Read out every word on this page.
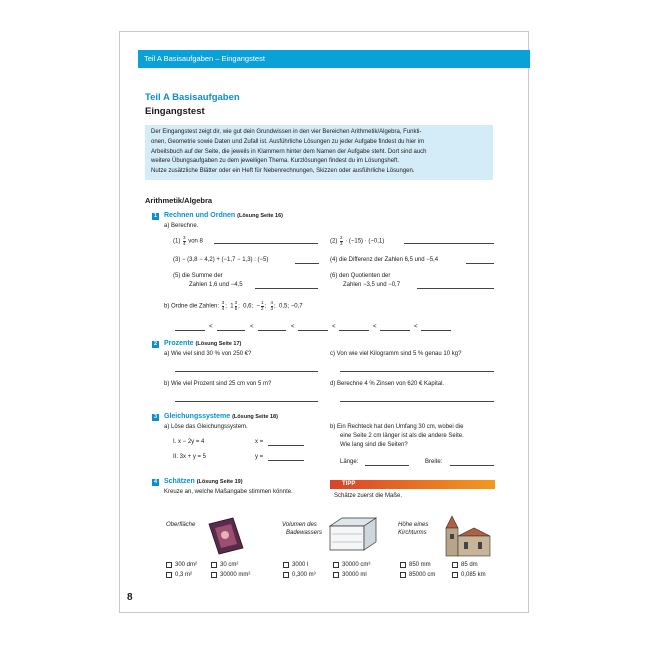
Teil A Basisaufgaben – Eingangstest
Teil A Basisaufgaben
Eingangstest
Der Eingangstest zeigt dir, wie gut dein Grundwissen in den vier Bereichen Arithmetik/Algebra, Funkti-
onen, Geometrie sowie Daten und Zufall ist. Ausführliche Lösungen zu jeder Aufgabe findest du hier im
Arbeitsbuch auf der Seite, die jeweils in Klammern hinter dem Namen der Aufgabe steht. Dort sind auch
weitere Übungsaufgaben zu dem jeweiligen Thema. Kurzlösungen findest du im Lösungsheft.
Nutze zusätzliche Blätter oder ein Heft für Nebenrechnungen, Skizzen oder ausführliche Lösungen.
Arithmetik/Algebra
1 Rechnen und Ordnen (Lösung Seite 16)
a) Berechne.
$(1) \frac{3}{4}$ von 8	$(2) \frac{2}{3} \cdot (-15) \cdot (-0,1)$
(3) − (3,8 − 4,2) + (−1,7 − 1,3) : (−5)	(4) die Differenz der Zahlen 6,5 und −5,4
(5) die Summe der
Zahlen 1,6 und −4,5
(6) den Quotienten der
Zahlen −3,5 und −0,7
b) Ordne die Zahlen: $\frac{3}{4}$ ;  $1 \frac{3}{5}$ ;  0,6; − $\frac{1}{2}$ ; $\frac{4}{3}$ ;  0,5; −0,7
<	<	<	<	<	<
2 Prozente (Lösung Seite 17)
a) Wie viel sind 30 % von 250 €?	c) Von wie viel Kilogramm sind 5 % genau 10 kg?
b) Wie viel Prozent sind 25 cm von 5 m?	d) Berechne 4 % Zinsen von 620 € Kapital.
3 Gleichungssysteme (Lösung Seite 18)
a) Löse das Gleichungssystem.
I. x − 2y = 4	x =
II. 3x + y = 5	y =
b) Ein Rechteck hat den Umfang 30 cm, wobei die
eine Seite 2 cm länger ist als die andere Seite.
Wie lang sind die Seiten?
Länge:	Breite:
4 Schätzen (Lösung Seite 19)
Kreuze an, welche Maßangabe stimmen könnte.
TIPP
Schätze zuerst die Maße.
Oberfläche	Volumen des
Badewassers
Höhe eines
Kirchturms
300 dm²	30 cm²
0,3 m²	30000 mm²
3000 l	30000 cm³
0,300 m³	30000 ml
850 mm	85 dm
85000 cm	0,085 km
8
